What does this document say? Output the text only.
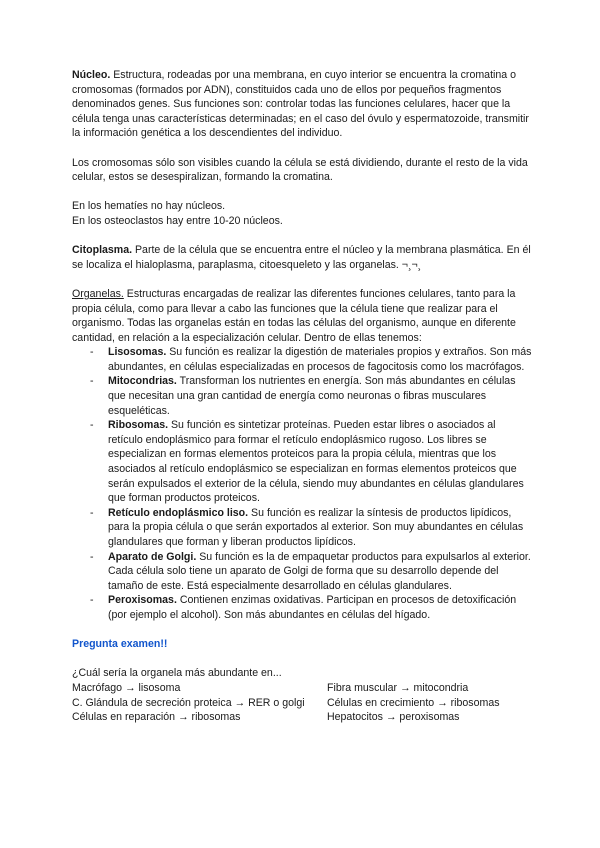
Núcleo. Estructura, rodeadas por una membrana, en cuyo interior se encuentra la cromatina o cromosomas (formados por ADN), constituidos cada uno de ellos por pequeños fragmentos denominados genes. Sus funciones son: controlar todas las funciones celulares, hacer que la célula tenga unas características determinadas; en el caso del óvulo y espermatozoide, transmitir la información genética a los descendientes del individuo.

Los cromosomas sólo son visibles cuando la célula se está dividiendo, durante el resto de la vida celular, estos se desespiralizan, formando la cromatina.

En los hematíes no hay núcleos.

En los osteoclastos hay entre 10-20 núcleos.

Citoplasma. Parte de la célula que se encuentra entre el núcleo y la membrana plasmática. En él se localiza el hialoplasma, paraplasma, citoesqueleto y las organelas. ¬¸¬¸

Organelas. Estructuras encargadas de realizar las diferentes funciones celulares, tanto para la propia célula, como para llevar a cabo las funciones que la célula tiene que realizar para el organismo. Todas las organelas están en todas las células del organismo, aunque en diferente cantidad, en relación a la especialización celular. Dentro de ellas tenemos:

- Lisosomas. Su función es realizar la digestión de materiales propios y extraños. Son más abundantes, en células especializadas en procesos de fagocitosis como los macrófagos.
- Mitocondrias. Transforman los nutrientes en energía. Son más abundantes en células que necesitan una gran cantidad de energía como neuronas o fibras musculares esqueléticas.
- Ribosomas. Su función es sintetizar proteínas. Pueden estar libres o asociados al retículo endoplásmico para formar el retículo endoplásmico rugoso. Los libres se especializan en formas elementos proteicos para la propia célula, mientras que los asociados al retículo endoplásmico se especializan en formas elementos proteicos que serán expulsados el exterior de la célula, siendo muy abundantes en células glandulares que forman productos proteicos.
- Retículo endoplásmico liso. Su función es realizar la síntesis de productos lipídicos, para la propia célula o que serán exportados al exterior. Son muy abundantes en células glandulares que forman y liberan productos lipídicos.
- Aparato de Golgi. Su función es la de empaquetar productos para expulsarlos al exterior. Cada célula solo tiene un aparato de Golgi de forma que su desarrollo depende del tamaño de este. Está especialmente desarrollado en células glandulares.
- Peroxisomas. Contienen enzimas oxidativas. Participan en procesos de detoxificación (por ejemplo el alcohol). Son más abundantes en células del hígado.

Pregunta examen!!

¿Cuál sería la organela más abundante en...

Macrófago → lisosoma	Fibra muscular → mitocondria
C. Glándula de secreción proteica → RER o golgi	Células en crecimiento → ribosomas
Células en reparación → ribosomas	Hepatocitos → peroxisomas
